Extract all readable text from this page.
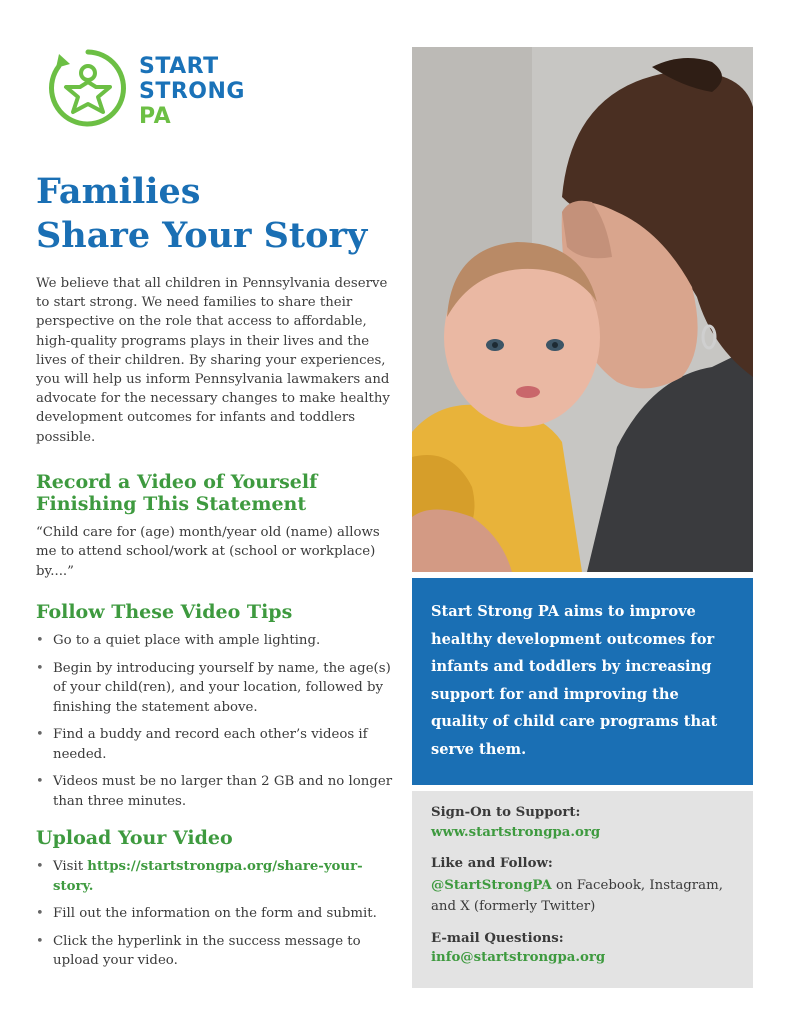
START
STRONG
PA
Families
Share Your Story

We believe that all children in Pennsylvania deserve to start strong. We need families to share their perspective on the role that access to affordable, high-quality programs plays in their lives and the lives of their children. By sharing your experiences, you will help us inform Pennsylvania lawmakers and advocate for the necessary changes to make healthy development outcomes for infants and toddlers possible.

Record a Video of Yourself
Finishing This Statement

“Child care for (age) month/year old (name) allows me to attend school/work at (school or workplace) by....”

Follow These Video Tips
• Go to a quiet place with ample lighting.
• Begin by introducing yourself by name, the age(s) of your child(ren), and your location, followed by finishing the statement above.
• Find a buddy and record each other’s videos if needed.
• Videos must be no larger than 2 GB and no longer than three minutes.
Upload Your Video
• Visit https://startstrongpa.org/share-your-story.
• Fill out the information on the form and submit.
• Click the hyperlink in the success message to upload your video.

Start Strong PA aims to improve healthy development outcomes for infants and toddlers by increasing support for and improving the quality of child care programs that serve them.

Sign-On to Support:
www.startstrongpa.org
Like and Follow:
@StartStrongPA on Facebook, Instagram, and X (formerly Twitter)
E-mail Questions:
info@startstrongpa.org
